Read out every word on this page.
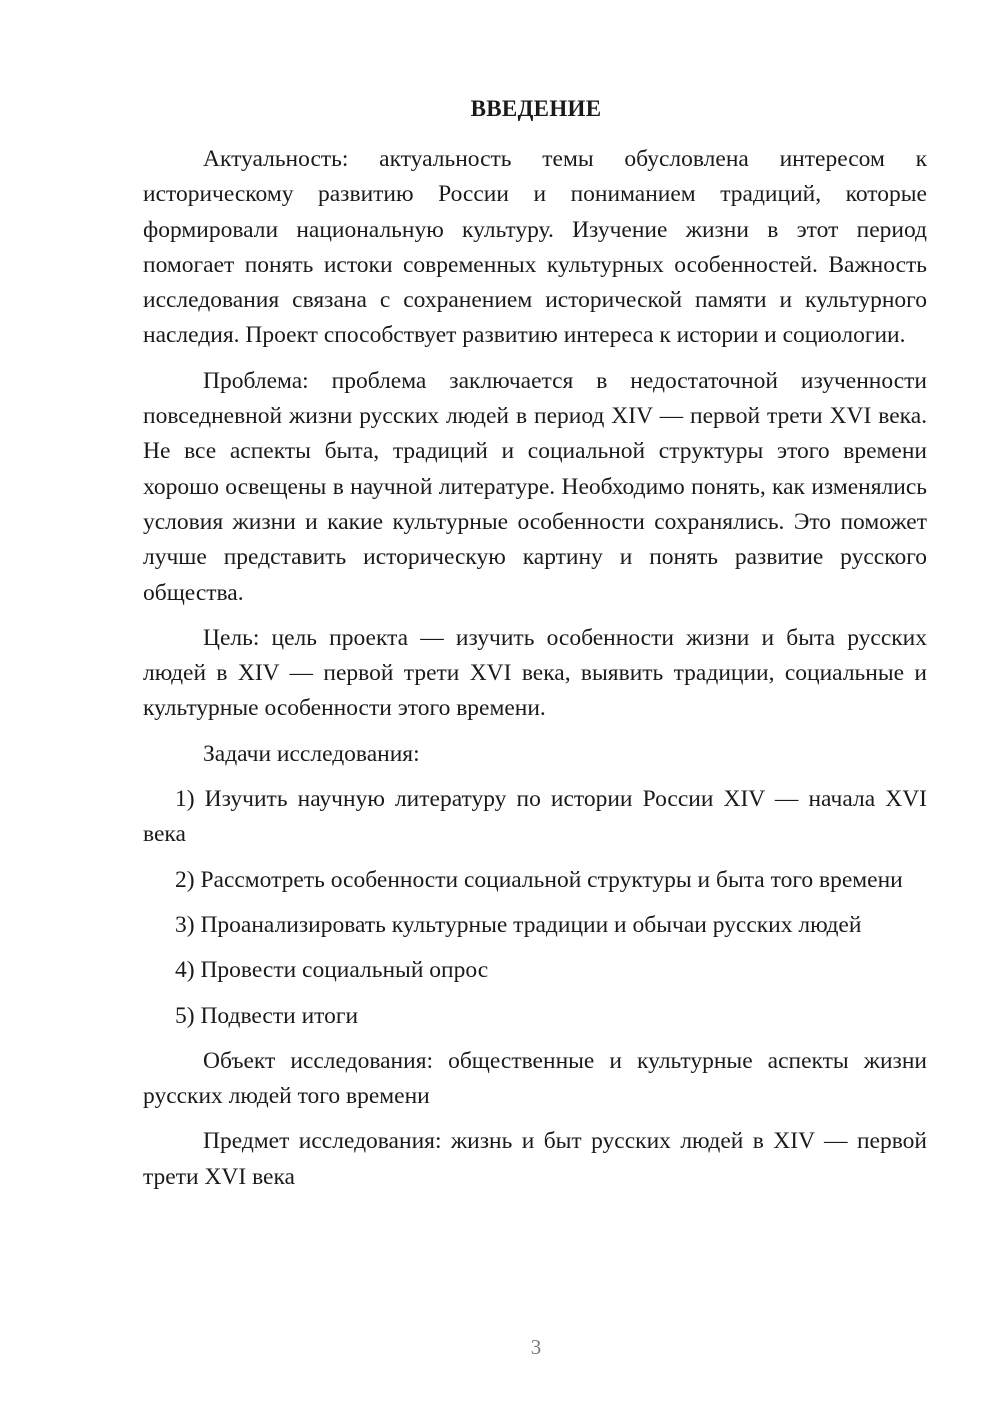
ВВЕДЕНИЕ

Актуальность: актуальность темы обусловлена интересом к историческому развитию России и пониманием традиций, которые формировали национальную культуру. Изучение жизни в этот период помогает понять истоки современных культурных особенностей. Важность исследования связана с сохранением исторической памяти и культурного наследия. Проект способствует развитию интереса к истории и социологии.

Проблема: проблема заключается в недостаточной изученности повседневной жизни русских людей в период XIV — первой трети XVI века. Не все аспекты быта, традиций и социальной структуры этого времени хорошо освещены в научной литературе. Необходимо понять, как изменялись условия жизни и какие культурные особенности сохранялись. Это поможет лучше представить историческую картину и понять развитие русского общества.

Цель: цель проекта — изучить особенности жизни и быта русских людей в XIV — первой трети XVI века, выявить традиции, социальные и культурные особенности этого времени.

Задачи исследования:

1) Изучить научную литературу по истории России XIV — начала XVI века

2) Рассмотреть особенности социальной структуры и быта того времени

3) Проанализировать культурные традиции и обычаи русских людей

4) Провести социальный опрос

5) Подвести итоги

Объект исследования: общественные и культурные аспекты жизни русских людей того времени

Предмет исследования: жизнь и быт русских людей в XIV — первой трети XVI века

3
